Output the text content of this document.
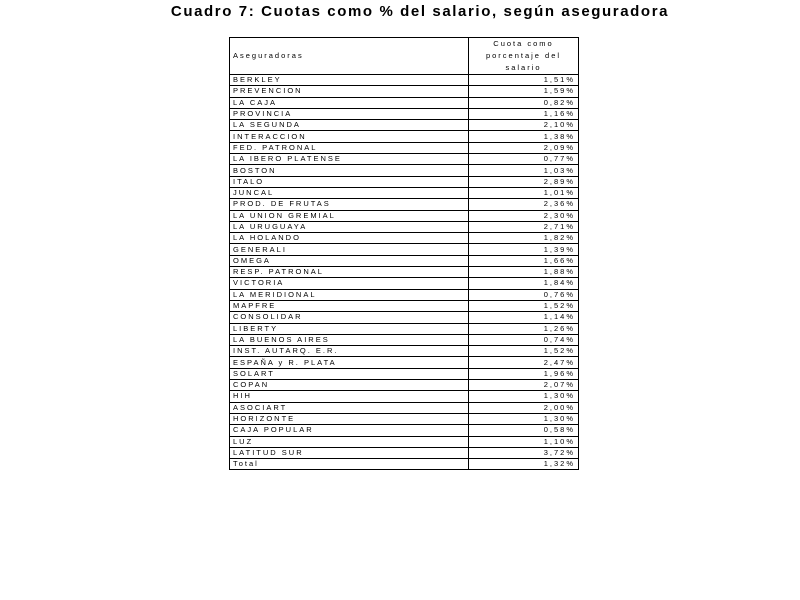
Cuadro 7: Cuotas como % del salario, según aseguradora
Aseguradoras	Cuota como porcentaje del salario
BERKLEY	1,51%
PREVENCION	1,59%
LA CAJA	0,82%
PROVINCIA	1,16%
LA SEGUNDA	2,10%
INTERACCION	1,38%
FED. PATRONAL	2,09%
LA IBERO PLATENSE	0,77%
BOSTON	1,03%
ITALO	2,89%
JUNCAL	1,01%
PROD. DE FRUTAS	2,36%
LA UNION GREMIAL	2,30%
LA URUGUAYA	2,71%
LA HOLANDO	1,82%
GENERALI	1,39%
OMEGA	1,66%
RESP. PATRONAL	1,88%
VICTORIA	1,84%
LA MERIDIONAL	0,76%
MAPFRE	1,52%
CONSOLIDAR	1,14%
LIBERTY	1,26%
LA BUENOS AIRES	0,74%
INST. AUTARQ. E.R.	1,52%
ESPAÑA y R. PLATA	2,47%
SOLART	1,96%
COPAN	2,07%
HIH	1,30%
ASOCIART	2,00%
HORIZONTE	1,30%
CAJA POPULAR	0,58%
LUZ	1,10%
LATITUD SUR	3,72%
Total	1,32%
